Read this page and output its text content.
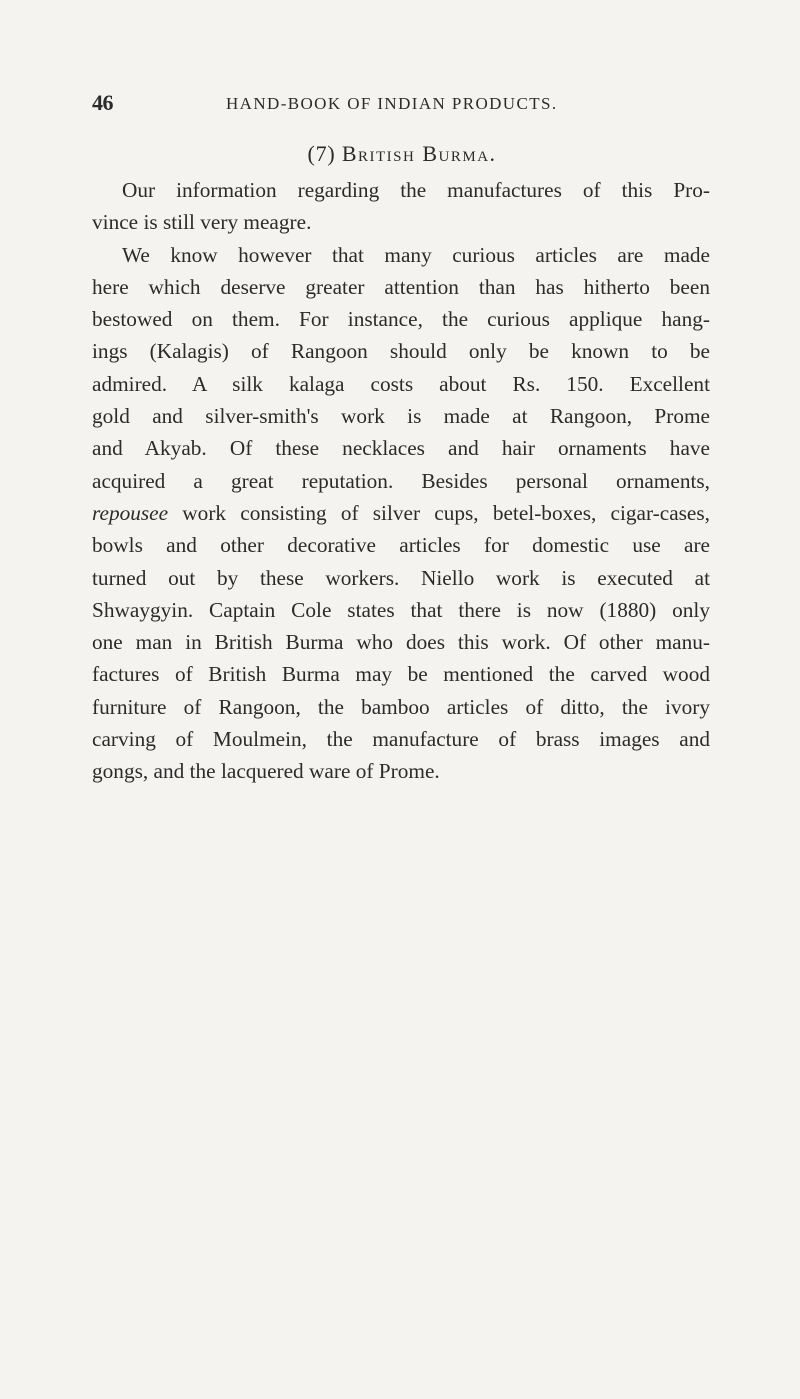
46	HAND-BOOK OF INDIAN PRODUCTS.
(7) British Burma.
Our information regarding the manufactures of this Pro-
vince is still very meagre.
We know however that many curious articles are made
here which deserve greater attention than has hitherto been
bestowed on them. For instance, the curious applique hang-
ings (Kalagis) of Rangoon should only be known to be
admired. A silk kalaga costs about Rs. 150. Excellent
gold and silver-smith's work is made at Rangoon, Prome
and Akyab. Of these necklaces and hair ornaments have
acquired a great reputation. Besides personal ornaments,
repousee work consisting of silver cups, betel-boxes, cigar-cases,
bowls and other decorative articles for domestic use are
turned out by these workers. Niello work is executed at
Shwaygyin. Captain Cole states that there is now (1880) only
one man in British Burma who does this work. Of other manu-
factures of British Burma may be mentioned the carved wood
furniture of Rangoon, the bamboo articles of ditto, the ivory
carving of Moulmein, the manufacture of brass images and
gongs, and the lacquered ware of Prome.
